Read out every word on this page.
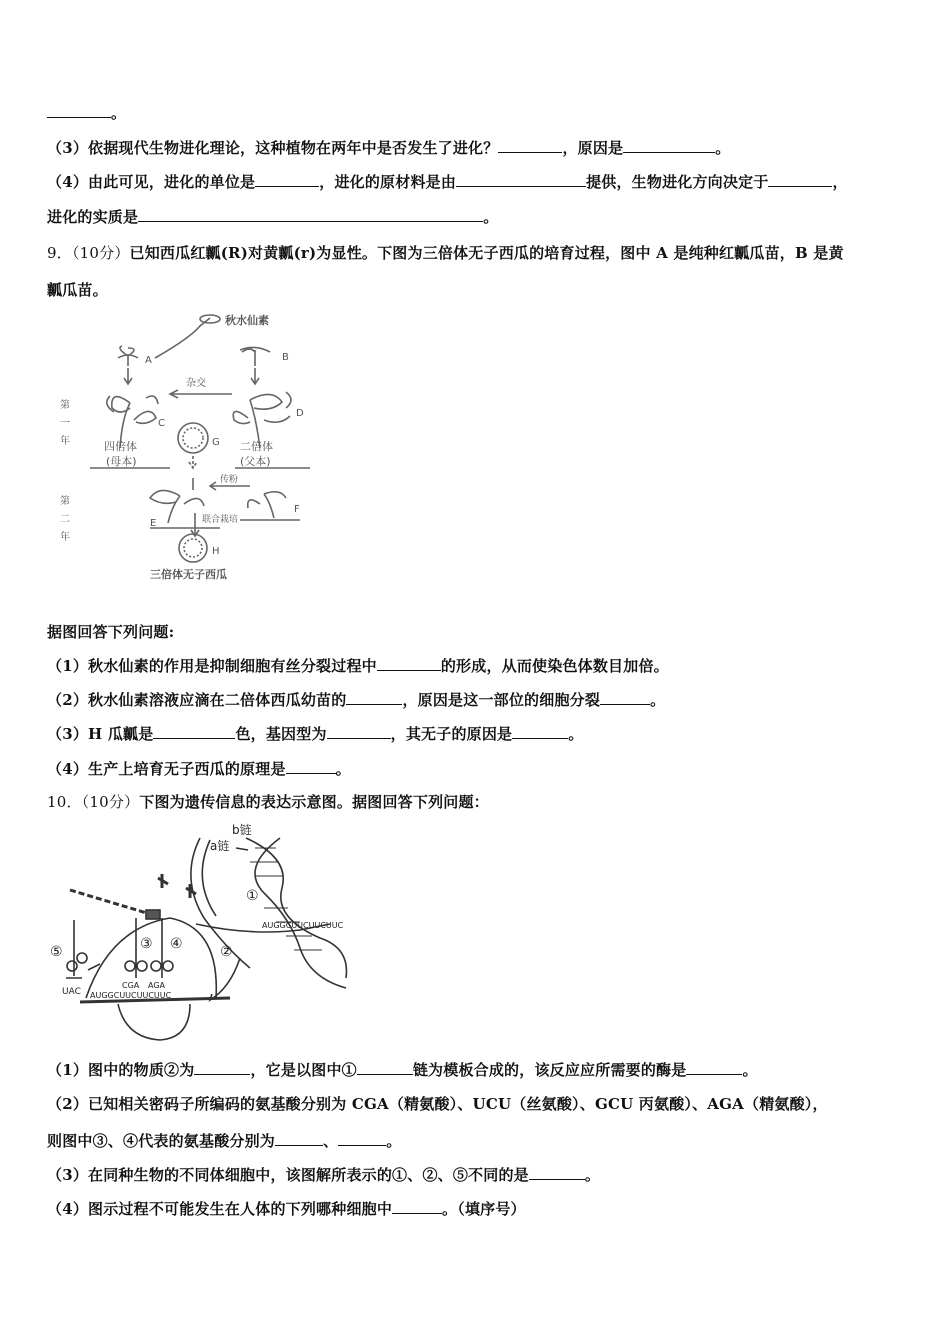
。
（3）依据现代生物进化理论，这种植物在两年中是否发生了进化？	，原因是	。
（4）由此可见，进化的单位是	，进化的原材料是由	提供，生物进化方向决定于	，
进化的实质是	。
9．（10分）已知西瓜红瓤(R)对黄瓤(r)为显性。下图为三倍体无子西瓜的培育过程，图中 A 是纯种红瓤瓜苗，B 是黄
瓤瓜苗。
秋水仙素
A	B
杂交
C
D
G
第
一
年
第
二
年
四倍体
(母本)
二倍体
(父本)
传粉
E
F
联合栽培
H
三倍体无子西瓜
据图回答下列问题:
（1）秋水仙素的作用是抑制细胞有丝分裂过程中	的形成，从而使染色体数目加倍。
（2）秋水仙素溶液应滴在二倍体西瓜幼苗的	，原因是这一部位的细胞分裂	。
（3）H 瓜瓤是	色，基因型为	，其无子的原因是	。
（4）生产上培育无子西瓜的原理是	。
10．（10分）下图为遗传信息的表达示意图。据图回答下列问题：
b链
a链
①
AUGGCUUCUUCUUC
②
AUGGCUUCUUCUUC
UAC
⑤	③ ④
CGA AGA
（1）图中的物质②为	，它是以图中①	链为模板合成的，该反应应所需要的酶是	。
（2）已知相关密码子所编码的氨基酸分别为 CGA（精氨酸）、UCU（丝氨酸）、GCU 丙氨酸）、AGA（精氨酸），
则图中③、④代表的氨基酸分别为	、	。
（3）在同种生物的不同体细胞中，该图解所表示的①、②、⑤不同的是	。
（4）图示过程不可能发生在人体的下列哪种细胞中	。（填序号）
